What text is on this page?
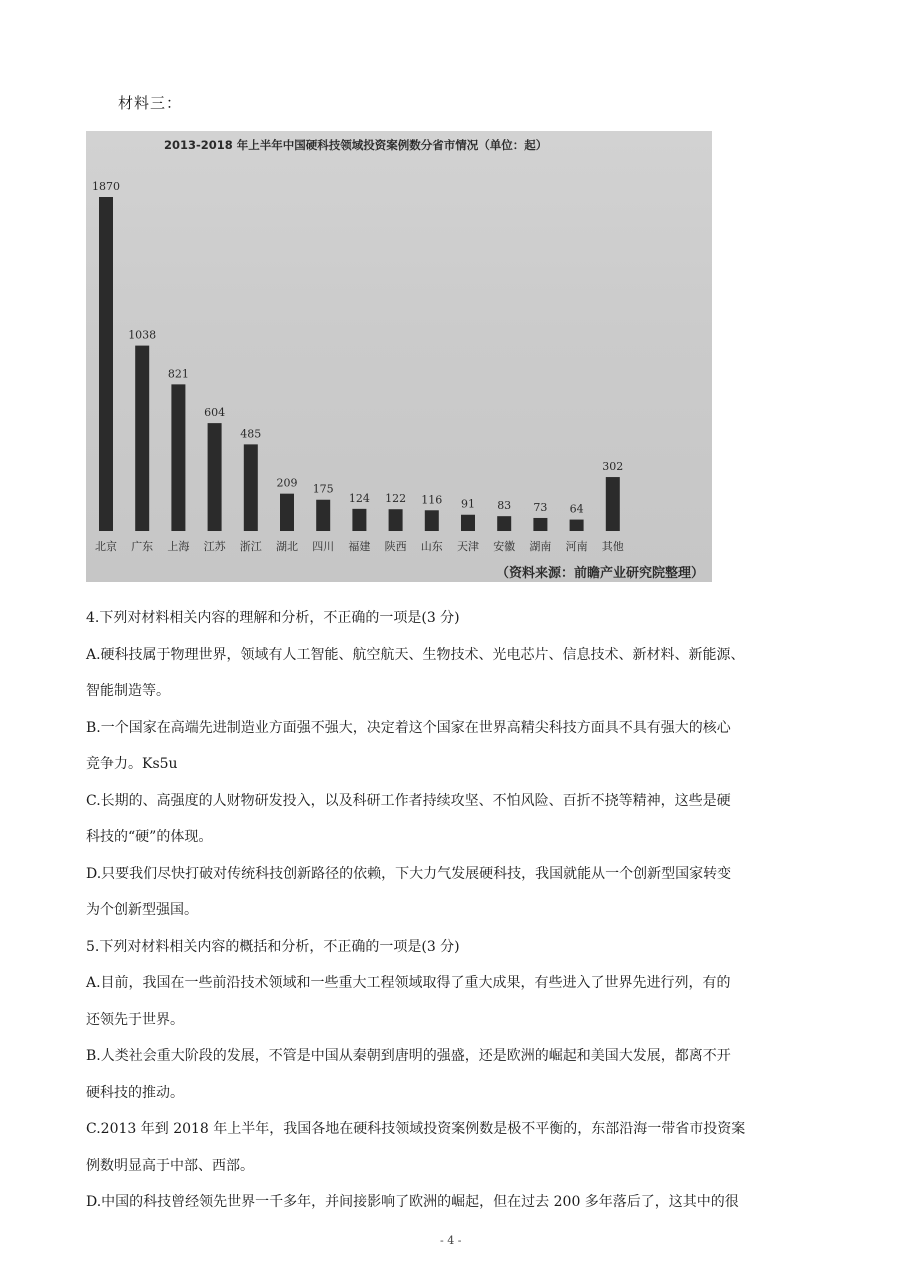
材料三：
2013-2018 年上半年中国硬科技领域投资案例数分省市情况（单位：起）
1870
北京
1038
广东
821
上海
604
江苏
485
浙江
209
湖北
175
四川
124
福建
122
陕西
116
山东
91
天津
83
安徽
73
湖南
64
河南
302
其他
（资料来源：前瞻产业研究院整理）

4.下列对材料相关内容的理解和分析，不正确的一项是(3 分)

A.硬科技属于物理世界，领域有人工智能、航空航天、生物技术、光电芯片、信息技术、新材料、新能源、
智能制造等。
B.一个国家在高端先进制造业方面强不强大，决定着这个国家在世界高精尖科技方面具不具有强大的核心
竞争力。Ks5u
C.长期的、高强度的人财物研发投入，以及科研工作者持续攻坚、不怕风险、百折不挠等精神，这些是硬
科技的“硬”的体现。
D.只要我们尽快打破对传统科技创新路径的依赖，下大力气发展硬科技，我国就能从一个创新型国家转变
为个创新型强国。

5.下列对材料相关内容的概括和分析，不正确的一项是(3 分)

A.目前，我国在一些前沿技术领域和一些重大工程领域取得了重大成果，有些进入了世界先进行列，有的
还领先于世界。
B.人类社会重大阶段的发展，不管是中国从秦朝到唐明的强盛，还是欧洲的崛起和美国大发展，都离不开
硬科技的推动。
C.2013 年到 2018 年上半年，我国各地在硬科技领域投资案例数是极不平衡的，东部沿海一带省市投资案
例数明显高于中部、西部。
D.中国的科技曾经领先世界一千多年，并间接影响了欧洲的崛起，但在过去 200 多年落后了，这其中的很
- 4 -
